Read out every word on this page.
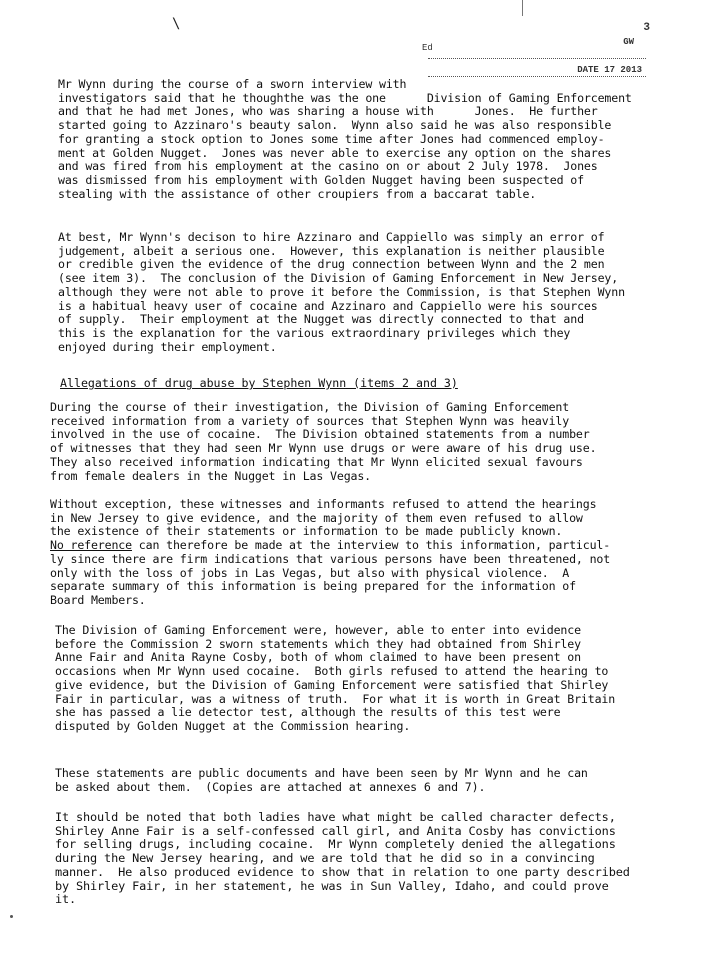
\	3
GW
Ed
DATE 17 2013
Mr Wynn during the course of a sworn interview with
investigators said that he thoughthe was the one      Division of Gaming Enforcement
and that he had met Jones, who was sharing a house with      Jones.  He further
started going to Azzinaro's beauty salon.  Wynn also said he was also responsible
for granting a stock option to Jones some time after Jones had commenced employ-
ment at Golden Nugget.  Jones was never able to exercise any option on the shares
and was fired from his employment at the casino on or about 2 July 1978.  Jones
was dismissed from his employment with Golden Nugget having been suspected of
stealing with the assistance of other croupiers from a baccarat table.
At best, Mr Wynn's decison to hire Azzinaro and Cappiello was simply an error of
judgement, albeit a serious one.  However, this explanation is neither plausible
or credible given the evidence of the drug connection between Wynn and the 2 men
(see item 3).  The conclusion of the Division of Gaming Enforcement in New Jersey,
although they were not able to prove it before the Commission, is that Stephen Wynn
is a habitual heavy user of cocaine and Azzinaro and Cappiello were his sources
of supply.  Their employment at the Nugget was directly connected to that and
this is the explanation for the various extraordinary privileges which they
enjoyed during their employment.
Allegations of drug abuse by Stephen Wynn (items 2 and 3)
During the course of their investigation, the Division of Gaming Enforcement
received information from a variety of sources that Stephen Wynn was heavily
involved in the use of cocaine.  The Division obtained statements from a number
of witnesses that they had seen Mr Wynn use drugs or were aware of his drug use.
They also received information indicating that Mr Wynn elicited sexual favours
from female dealers in the Nugget in Las Vegas.
Without exception, these witnesses and informants refused to attend the hearings
in New Jersey to give evidence, and the majority of them even refused to allow
the existence of their statements or information to be made publicly known.
No reference can therefore be made at the interview to this information, particul-
ly since there are firm indications that various persons have been threatened, not
only with the loss of jobs in Las Vegas, but also with physical violence.  A
separate summary of this information is being prepared for the information of
Board Members.
The Division of Gaming Enforcement were, however, able to enter into evidence
before the Commission 2 sworn statements which they had obtained from Shirley
Anne Fair and Anita Rayne Cosby, both of whom claimed to have been present on
occasions when Mr Wynn used cocaine.  Both girls refused to attend the hearing to
give evidence, but the Division of Gaming Enforcement were satisfied that Shirley
Fair in particular, was a witness of truth.  For what it is worth in Great Britain
she has passed a lie detector test, although the results of this test were
disputed by Golden Nugget at the Commission hearing.
These statements are public documents and have been seen by Mr Wynn and he can
be asked about them.  (Copies are attached at annexes 6 and 7).
It should be noted that both ladies have what might be called character defects,
Shirley Anne Fair is a self-confessed call girl, and Anita Cosby has convictions
for selling drugs, including cocaine.  Mr Wynn completely denied the allegations
during the New Jersey hearing, and we are told that he did so in a convincing
manner.  He also produced evidence to show that in relation to one party described
by Shirley Fair, in her statement, he was in Sun Valley, Idaho, and could prove
it.
